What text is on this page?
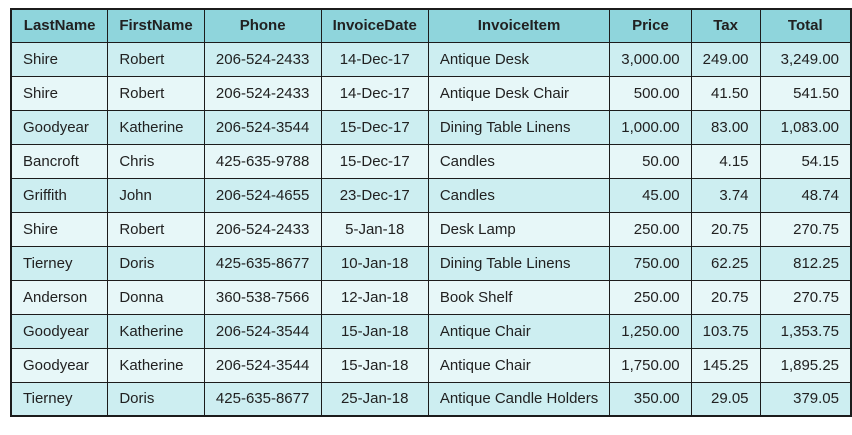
LastName	FirstName	Phone	InvoiceDate	InvoiceItem	Price	Tax	Total
Shire	Robert	206-524-2433	14-Dec-17	Antique Desk	3,000.00	249.00	3,249.00
Shire	Robert	206-524-2433	14-Dec-17	Antique Desk Chair	500.00	41.50	541.50
Goodyear	Katherine	206-524-3544	15-Dec-17	Dining Table Linens	1,000.00	83.00	1,083.00
Bancroft	Chris	425-635-9788	15-Dec-17	Candles	50.00	4.15	54.15
Griffith	John	206-524-4655	23-Dec-17	Candles	45.00	3.74	48.74
Shire	Robert	206-524-2433	5-Jan-18	Desk Lamp	250.00	20.75	270.75
Tierney	Doris	425-635-8677	10-Jan-18	Dining Table Linens	750.00	62.25	812.25
Anderson	Donna	360-538-7566	12-Jan-18	Book Shelf	250.00	20.75	270.75
Goodyear	Katherine	206-524-3544	15-Jan-18	Antique Chair	1,250.00	103.75	1,353.75
Goodyear	Katherine	206-524-3544	15-Jan-18	Antique Chair	1,750.00	145.25	1,895.25
Tierney	Doris	425-635-8677	25-Jan-18	Antique Candle Holders	350.00	29.05	379.05
